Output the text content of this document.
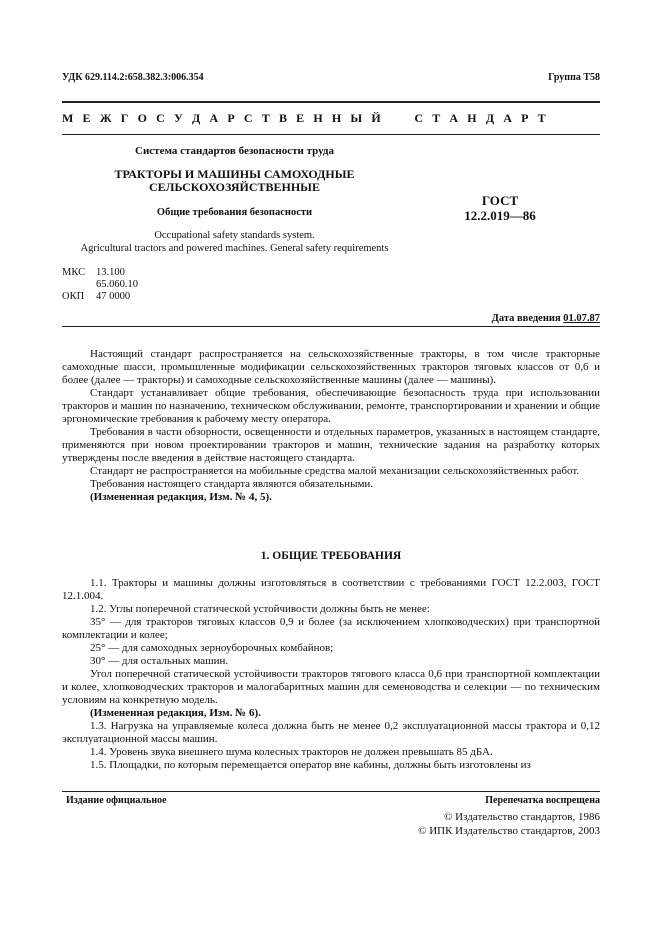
УДК 629.114.2:658.382.3:006.354	Группа Т58
М Е Ж Г О С У Д А Р С Т В Е Н Н Ы Й     С Т А Н Д А Р Т
Система стандартов безопасности труда
ТРАКТОРЫ И МАШИНЫ САМОХОДНЫЕ
СЕЛЬСКОХОЗЯЙСТВЕННЫЕ
Общие требования безопасности
Occupational safety standards system.
Agricultural tractors and powered machines. General safety requirements
ГОСТ
12.2.019—86
МКС 13.100
65.060.10
ОКП 47 0000
Дата введения 01.07.87

Настоящий стандарт распространяется на сельскохозяйственные тракторы, в том числе тракторные самоходные шасси, промышленные модификации сельскохозяйственных тракторов тяговых классов от 0,6 и более (далее — тракторы) и самоходные сельскохозяйственные машины (далее — машины).

Стандарт устанавливает общие требования, обеспечивающие безопасность труда при использовании тракторов и машин по назначению, техническом обслуживании, ремонте, транспортировании и хранении и общие эргономические требования к рабочему месту оператора.

Требования в части обзорности, освещенности и отдельных параметров, указанных в настоящем стандарте, применяются при новом проектировании тракторов и машин, технические задания на разработку которых утверждены после введения в действие настоящего стандарта.

Стандарт не распространяется на мобильные средства малой механизации сельскохозяйственных работ.

Требования настоящего стандарта являются обязательными.

(Измененная редакция, Изм. № 4, 5).

1. ОБЩИЕ ТРЕБОВАНИЯ

1.1. Тракторы и машины должны изготовляться в соответствии с требованиями ГОСТ 12.2.003, ГОСТ 12.1.004.

1.2. Углы поперечной статической устойчивости должны быть не менее:

35° — для тракторов тяговых классов 0,9 и более (за исключением хлопководческих) при транспортной комплектации и колее;

25° — для самоходных зерноуборочных комбайнов;

30° — для остальных машин.

Угол поперечной статической устойчивости тракторов тягового класса 0,6 при транспортной комплектации и колее, хлопководческих тракторов и малогабаритных машин для семеноводства и селекции — по техническим условиям на конкретную модель.

(Измененная редакция, Изм. № 6).

1.3. Нагрузка на управляемые колеса должна быть не менее 0,2 эксплуатационной массы трактора и 0,12 эксплуатационной массы машин.

1.4. Уровень звука внешнего шума колесных тракторов не должен превышать 85 дБА.

1.5. Площадки, по которым перемещается оператор вне кабины, должны быть изготовлены из

Издание официальное	Перепечатка воспрещена
© Издательство стандартов, 1986
© ИПК Издательство стандартов, 2003
